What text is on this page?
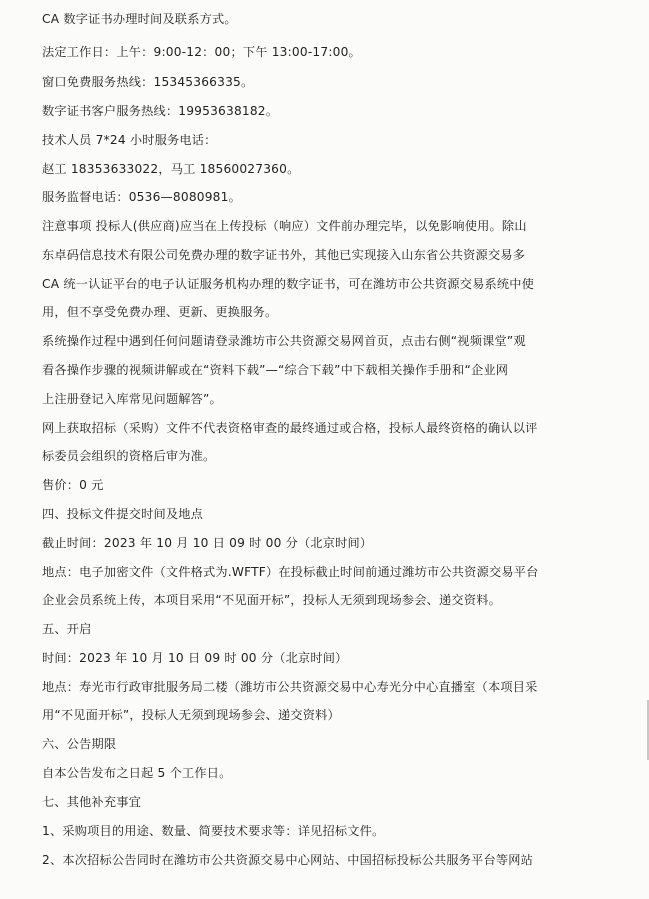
CA 数字证书办理时间及联系方式。
法定工作日：上午：9:00-12：00；下午 13:00-17:00。
窗口免费服务热线：15345366335。
数字证书客户服务热线：19953638182。
技术人员 7*24 小时服务电话：
赵工 18353633022，马工 18560027360。
服务监督电话：0536—8080981。
注意事项 投标人(供应商)应当在上传投标（响应）文件前办理完毕，以免影响使用。除山
东卓码信息技术有限公司免费办理的数字证书外，其他已实现接入山东省公共资源交易多
CA 统一认证平台的电子认证服务机构办理的数字证书，可在潍坊市公共资源交易系统中使
用，但不享受免费办理、更新、更换服务。
系统操作过程中遇到任何问题请登录潍坊市公共资源交易网首页，点击右侧“视频课堂”观
看各操作步骤的视频讲解或在“资料下载”—“综合下载”中下载相关操作手册和“企业网
上注册登记入库常见问题解答”。
网上获取招标（采购）文件不代表资格审查的最终通过或合格，投标人最终资格的确认以评
标委员会组织的资格后审为准。
售价：0 元
四、投标文件提交时间及地点
截止时间：2023 年 10 月 10 日 09 时 00 分（北京时间）
地点：电子加密文件（文件格式为.WFTF）在投标截止时间前通过潍坊市公共资源交易平台
企业会员系统上传，本项目采用“不见面开标”，投标人无须到现场参会、递交资料。
五、开启
时间：2023 年 10 月 10 日 09 时 00 分（北京时间）
地点：寿光市行政审批服务局二楼（潍坊市公共资源交易中心寿光分中心直播室（本项目采
用“不见面开标”，投标人无须到现场参会、递交资料）
六、公告期限
自本公告发布之日起 5 个工作日。
七、其他补充事宜
1、采购项目的用途、数量、简要技术要求等：详见招标文件。
2、本次招标公告同时在潍坊市公共资源交易中心网站、中国招标投标公共服务平台等网站
